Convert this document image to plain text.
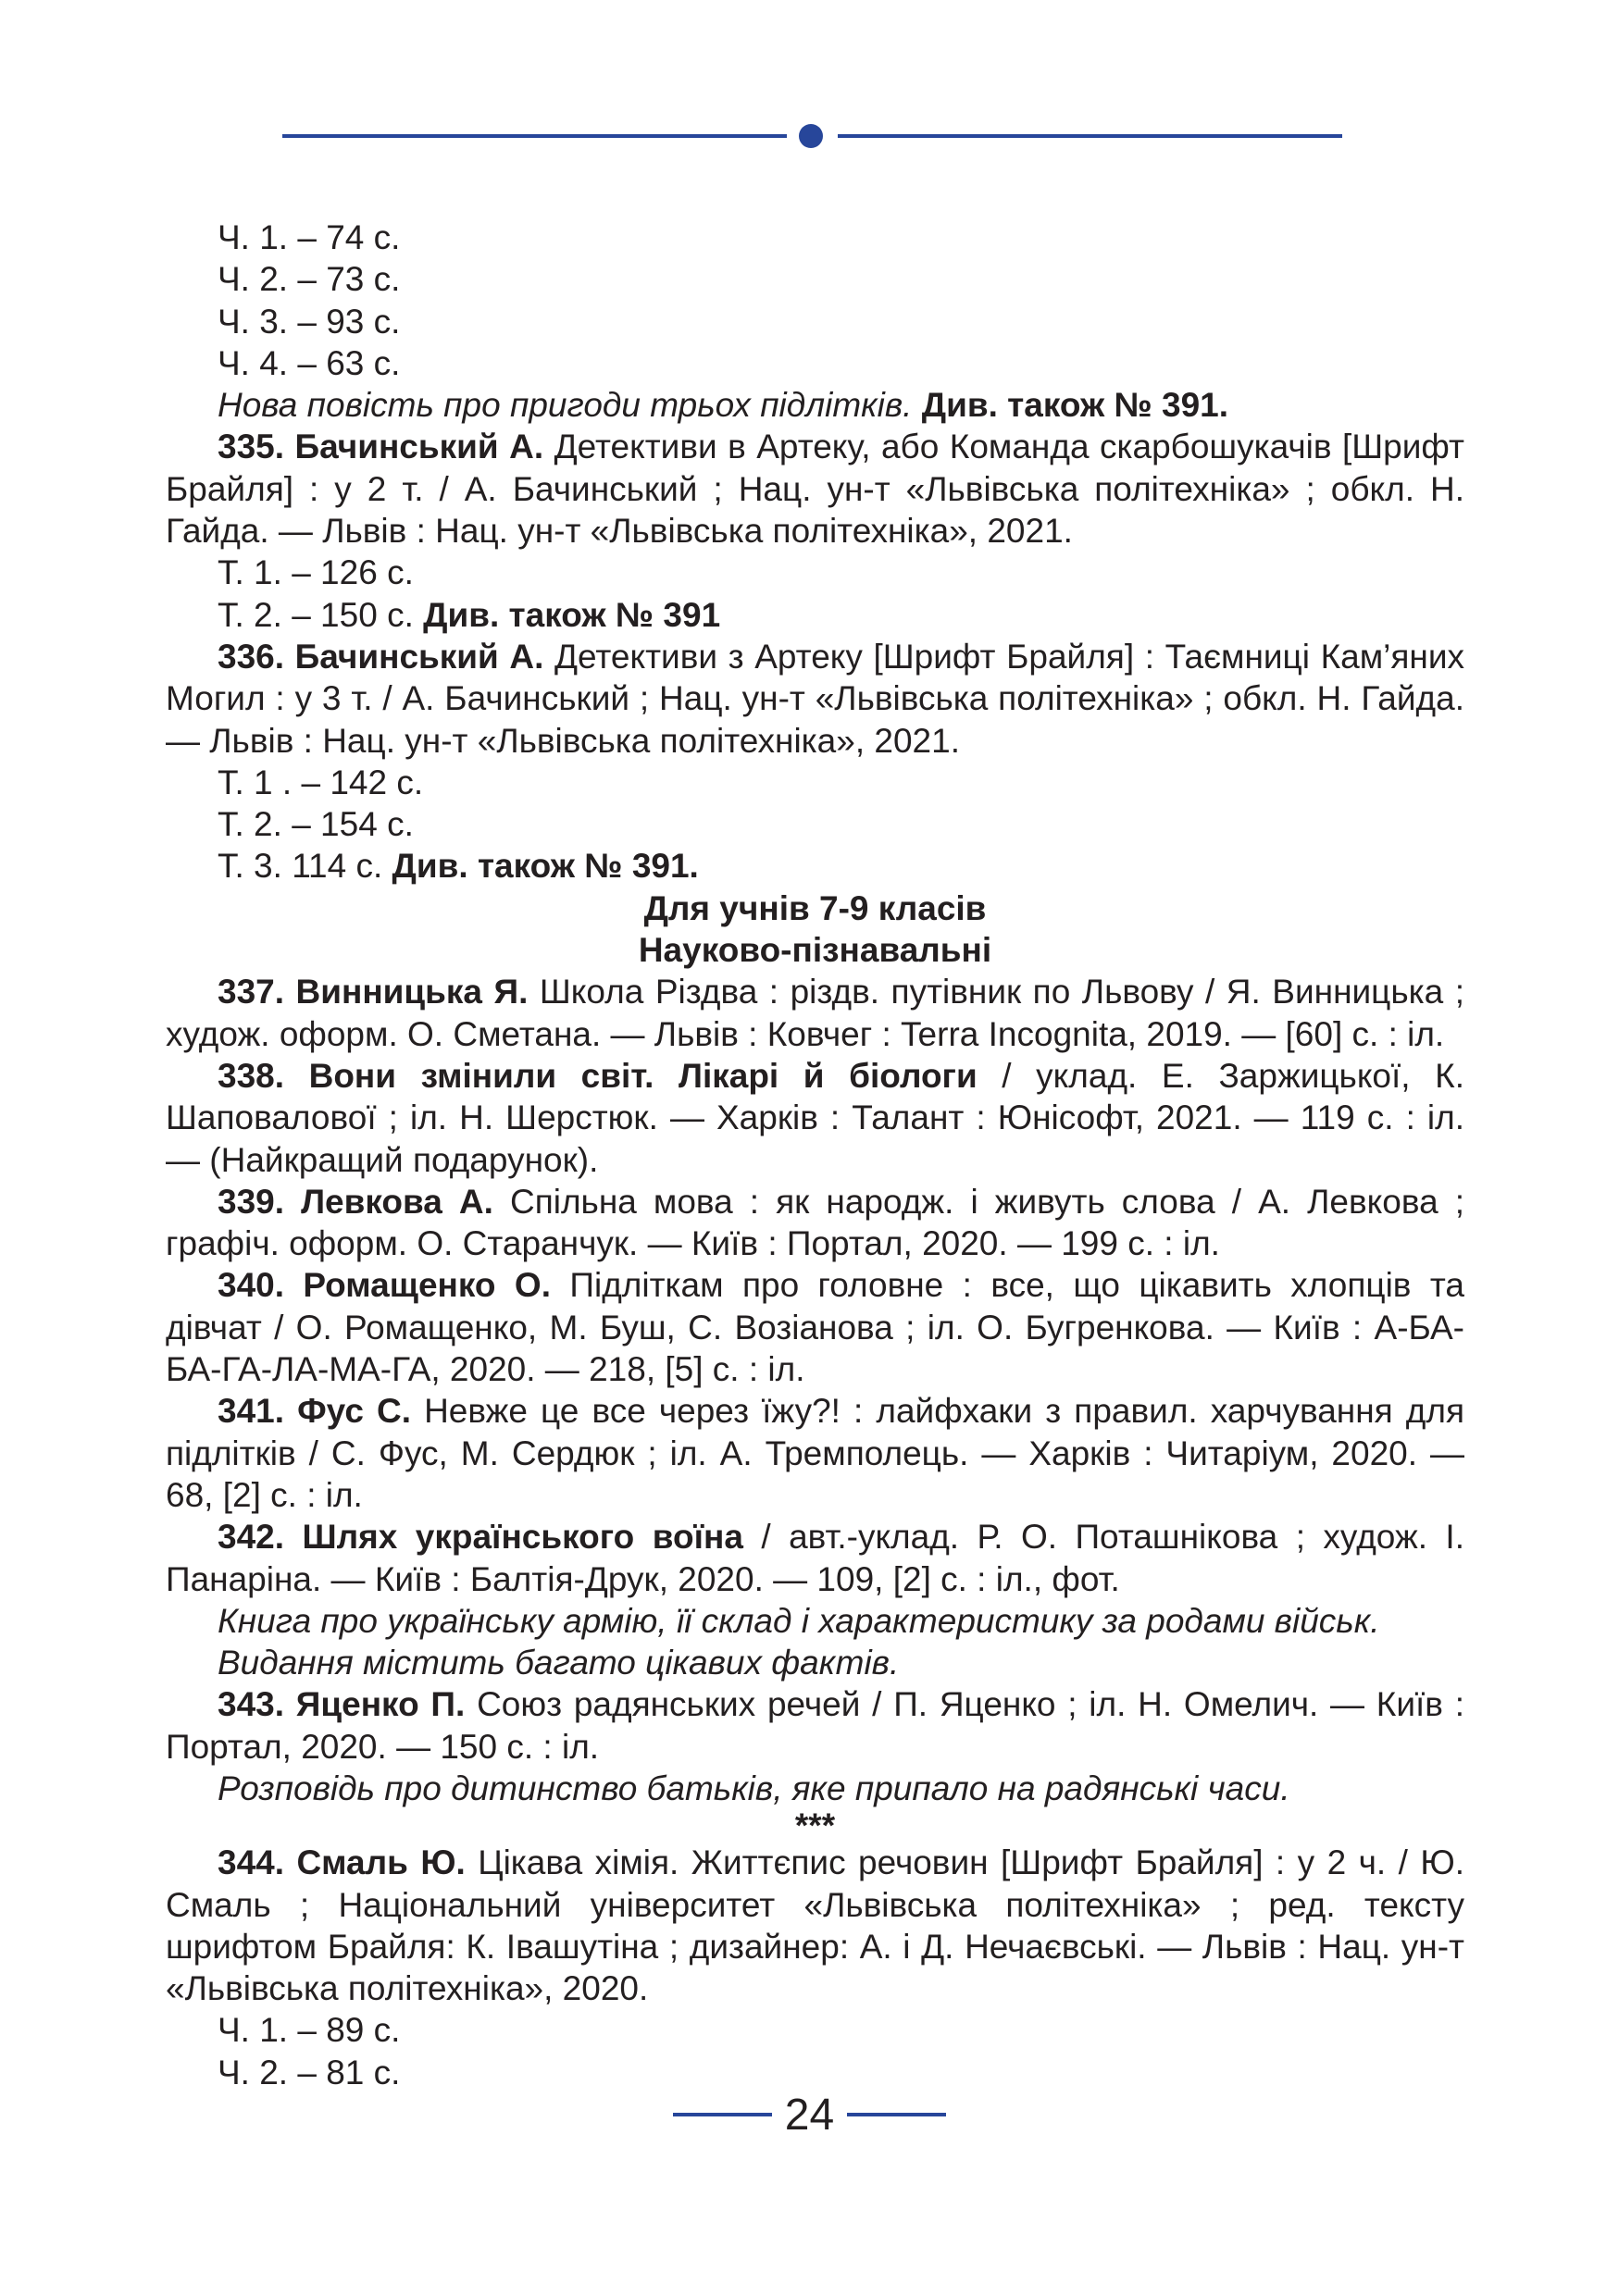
Ч. 1. – 74 с.

Ч. 2. – 73 с.

Ч. 3. – 93 с.

Ч. 4. – 63 с.

Нова повість про пригоди трьох підлітків. Див. також № 391.

335. Бачинський А. Детективи в Артеку, або Команда скарбошукачів [Шрифт Брайля] : у 2 т. / А. Бачинський ; Нац. ун-т «Львівська політехніка» ; обкл. Н. Гайда. — Львів : Нац. ун-т «Львівська політехніка», 2021.

Т. 1. – 126 с.

Т. 2. – 150 с. Див. також № 391

336. Бачинський А. Детективи з Артеку [Шрифт Брайля] : Таємниці Кам’яних Могил : у 3 т. / А. Бачинський ; Нац. ун-т «Львівська політехніка» ; обкл. Н. Гайда. — Львів : Нац. ун-т «Львівська політехніка», 2021.

Т. 1 . – 142 с.

Т. 2. – 154 с.

Т. 3. 114 с. Див. також № 391.

Для учнів 7-9 класів

Науково-пізнавальні

337. Винницька Я. Школа Різдва : різдв. путівник по Львову / Я. Винницька ; худож. оформ. О. Сметана. — Львів : Ковчег : Terra Incognita, 2019. — [60] с. : іл.

338. Вони змінили світ. Лікарі й біологи / уклад. Е. Заржицької, К. Шаповалової ; іл. Н. Шерстюк. — Харків : Талант : Юнісофт, 2021. — 119 с. : іл. — (Найкращий подарунок).

339. Левкова А. Спільна мова : як народж. і живуть слова / А. Левкова ; графіч. оформ. О. Старанчук. — Київ : Портал, 2020. — 199 с. : іл.

340. Ромащенко О. Підліткам про головне : все, що цікавить хлопців та дівчат / О. Ромащенко, М. Буш, С. Возіанова ; іл. О. Бугренкова. — Київ : А-БА-БА-ГА-ЛА-МА-ГА, 2020. — 218, [5] с. : іл.

341. Фус С. Невже це все через їжу?! : лайфхаки з правил. харчування для підлітків / С. Фус, М. Сердюк ; іл. А. Тремполець. — Харків : Читаріум, 2020. — 68, [2] с. : іл.

342. Шлях українського воїна / авт.-уклад. Р. О. Поташнікова ; худож. І. Панаріна. — Київ : Балтія-Друк, 2020. — 109, [2] с. : іл., фот.

Книга про українську армію, її склад і характеристику за родами військ.

Видання містить багато цікавих фактів.

343. Яценко П. Союз радянських речей / П. Яценко ; іл. Н. Омелич. — Київ : Портал, 2020. — 150 с. : іл.

Розповідь про дитинство батьків, яке припало на радянські часи.

***

344. Смаль Ю. Цікава хімія. Життєпис речовин [Шрифт Брайля] : у 2 ч. / Ю. Смаль ; Національний університет «Львівська політехніка» ; ред. тексту шрифтом Брайля: К. Івашутіна ; дизайнер: А. і Д. Нечаєвські. — Львів : Нац. ун-т «Львівська політехніка», 2020.

Ч. 1. – 89 с.

Ч. 2. – 81 с.

24
